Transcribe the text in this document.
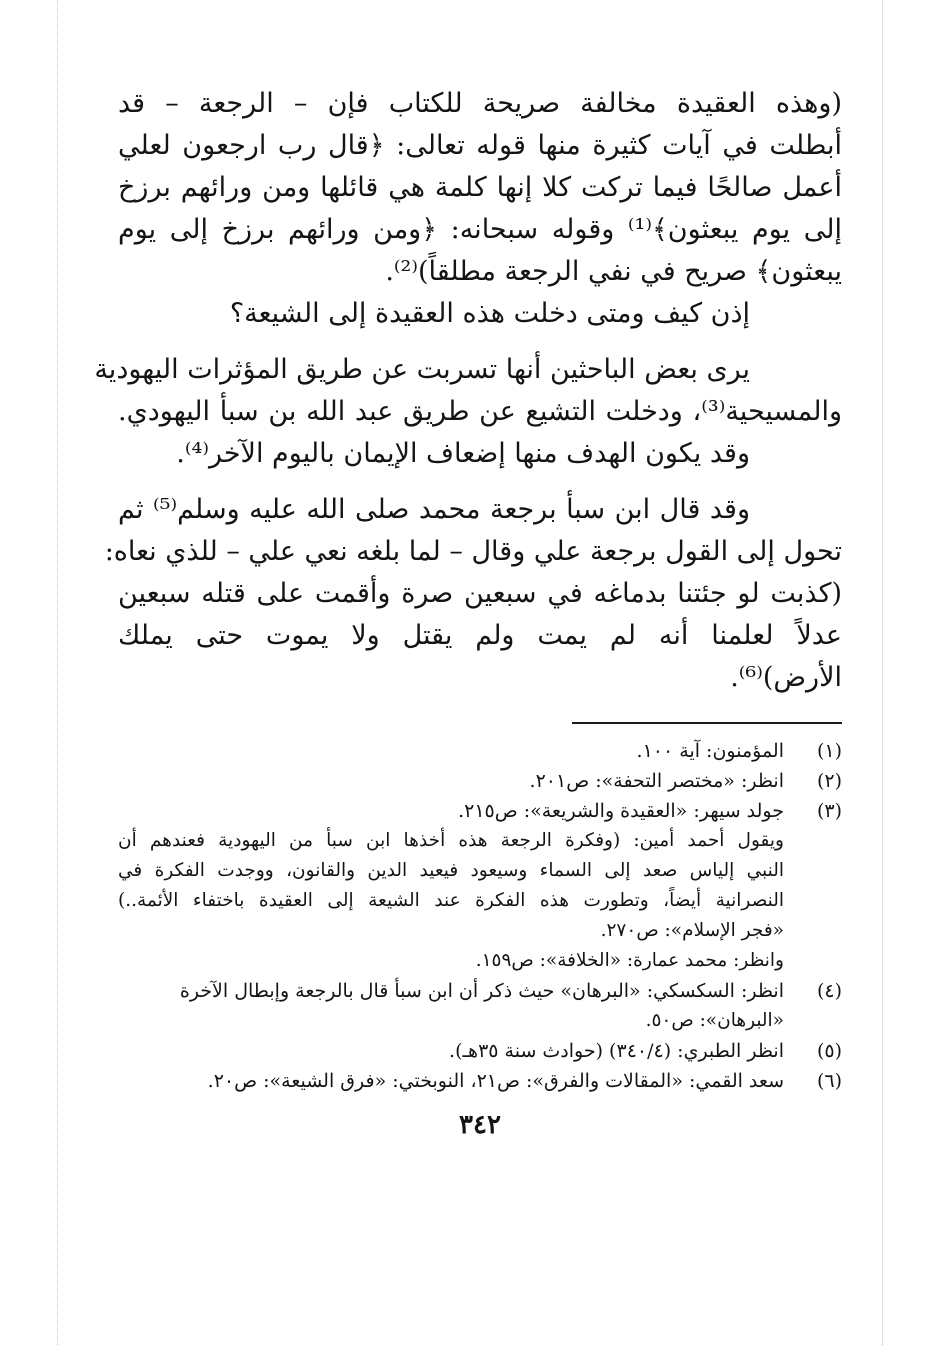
(وهذه العقيدة مخالفة صريحة للكتاب فإن – الرجعة – قد
أبطلت في آيات كثيرة منها قوله تعالى: ﴿قال رب ارجعون لعلي
أعمل صالحًا فيما تركت كلا إنها كلمة هي قائلها ومن ورائهم برزخ
إلى يوم يبعثون﴾⁽¹⁾ وقوله سبحانه: ﴿ومن ورائهم برزخ إلى يوم
يبعثون﴾ صريح في نفي الرجعة مطلقاً)⁽²⁾.
إذن كيف ومتى دخلت هذه العقيدة إلى الشيعة؟
يرى بعض الباحثين أنها تسربت عن طريق المؤثرات اليهودية
والمسيحية⁽³⁾، ودخلت التشيع عن طريق عبد الله بن سبأ اليهودي.
وقد يكون الهدف منها إضعاف الإيمان باليوم الآخر⁽⁴⁾.
وقد قال ابن سبأ برجعة محمد صلى الله عليه وسلم⁽⁵⁾ ثم
تحول إلى القول برجعة علي وقال – لما بلغه نعي علي – للذي نعاه:
(كذبت لو جئتنا بدماغه في سبعين صرة وأقمت على قتله سبعين
عدلاً لعلمنا أنه لم يمت ولم يقتل ولا يموت حتى يملك
الأرض)⁽⁶⁾.
(١)
المؤمنون: آية ١٠٠.
(٢)
انظر: «مختصر التحفة»: ص٢٠١.
(٣)
جولد سيهر: «العقيدة والشريعة»: ص٢١٥.
ويقول أحمد أمين: (وفكرة الرجعة هذه أخذها ابن سبأ من اليهودية فعندهم أن
النبي إلياس صعد إلى السماء وسيعود فيعيد الدين والقانون، ووجدت الفكرة في
النصرانية أيضاً، وتطورت هذه الفكرة عند الشيعة إلى العقيدة باختفاء الأئمة..)
«فجر الإسلام»: ص٢٧٠.
وانظر: محمد عمارة: «الخلافة»: ص١٥٩.
(٤)
انظر: السكسكي: «البرهان» حيث ذكر أن ابن سبأ قال بالرجعة وإبطال الآخرة
«البرهان»: ص٥٠.
(٥)
انظر الطبري: (٣٤٠/٤) (حوادث سنة ٣٥هـ).
(٦)
سعد القمي: «المقالات والفرق»: ص٢١، النوبختي: «فرق الشيعة»: ص٢٠.
٣٤٢
